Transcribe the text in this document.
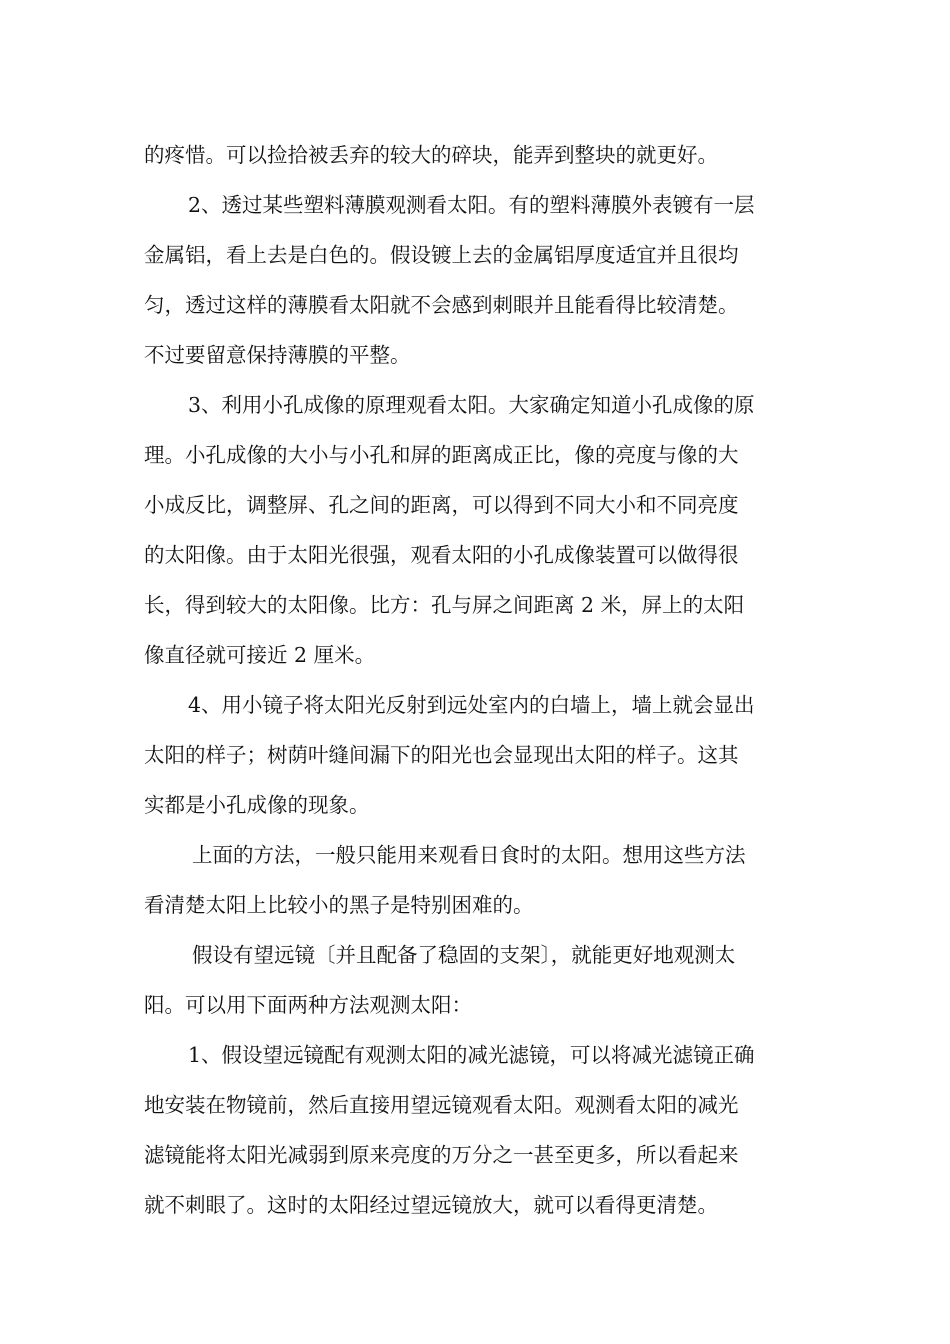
的疼惜。可以捡拾被丢弃的较大的碎块，能弄到整块的就更好。
2、透过某些塑料薄膜观测看太阳。有的塑料薄膜外表镀有一层
金属铝，看上去是白色的。假设镀上去的金属铝厚度适宜并且很均
匀，透过这样的薄膜看太阳就不会感到刺眼并且能看得比较清楚。
不过要留意保持薄膜的平整。
3、利用小孔成像的原理观看太阳。大家确定知道小孔成像的原
理。小孔成像的大小与小孔和屏的距离成正比，像的亮度与像的大
小成反比，调整屏、孔之间的距离，可以得到不同大小和不同亮度
的太阳像。由于太阳光很强，观看太阳的小孔成像装置可以做得很
长，得到较大的太阳像。比方：孔与屏之间距离 2 米，屏上的太阳
像直径就可接近 2 厘米。
4、用小镜子将太阳光反射到远处室内的白墙上，墙上就会显出
太阳的样子；树荫叶缝间漏下的阳光也会显现出太阳的样子。这其
实都是小孔成像的现象。
上面的方法，一般只能用来观看日食时的太阳。想用这些方法
看清楚太阳上比较小的黑子是特别困难的。
假设有望远镜〔并且配备了稳固的支架〕，就能更好地观测太
阳。可以用下面两种方法观测太阳：
1、假设望远镜配有观测太阳的减光滤镜，可以将减光滤镜正确
地安装在物镜前，然后直接用望远镜观看太阳。观测看太阳的减光
滤镜能将太阳光减弱到原来亮度的万分之一甚至更多，所以看起来
就不刺眼了。这时的太阳经过望远镜放大，就可以看得更清楚。
